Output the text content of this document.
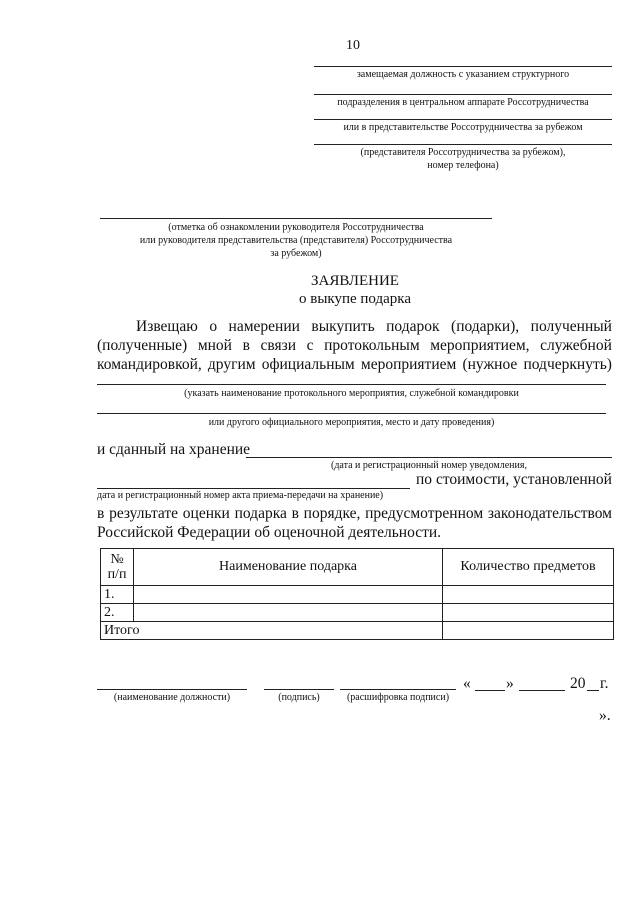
10
замещаемая должность с указанием структурного
подразделения в центральном аппарате Россотрудничества
или в представительстве Россотрудничества за рубежом
(представителя Россотрудничества за рубежом),
номер телефона)
(отметка об ознакомлении руководителя Россотрудничества
или руководителя представительства (представителя) Россотрудничества
за рубежом)
ЗАЯВЛЕНИЕ
о выкупе подарка
Извещаю о намерении выкупить подарок (подарки), полученный
(полученные) мной в связи с протокольным мероприятием, служебной
командировкой, другим официальным мероприятием (нужное подчеркнуть)
(указать наименование протокольного мероприятия, служебной командировки
или другого официального мероприятия, место и дату проведения)
и сданный на хранение
(дата и регистрационный номер уведомления,
по стоимости, установленной
дата и регистрационный номер акта приема-передачи на хранение)
в результате оценки подарка в порядке, предусмотренном законодательством
Российской Федерации об оценочной деятельности.
№
п/п	Наименование подарка	Количество предметов
1.		
2.		
Итого		
(наименование должности)	(подпись)	(расшифровка подписи)
« »	20 г.
».
